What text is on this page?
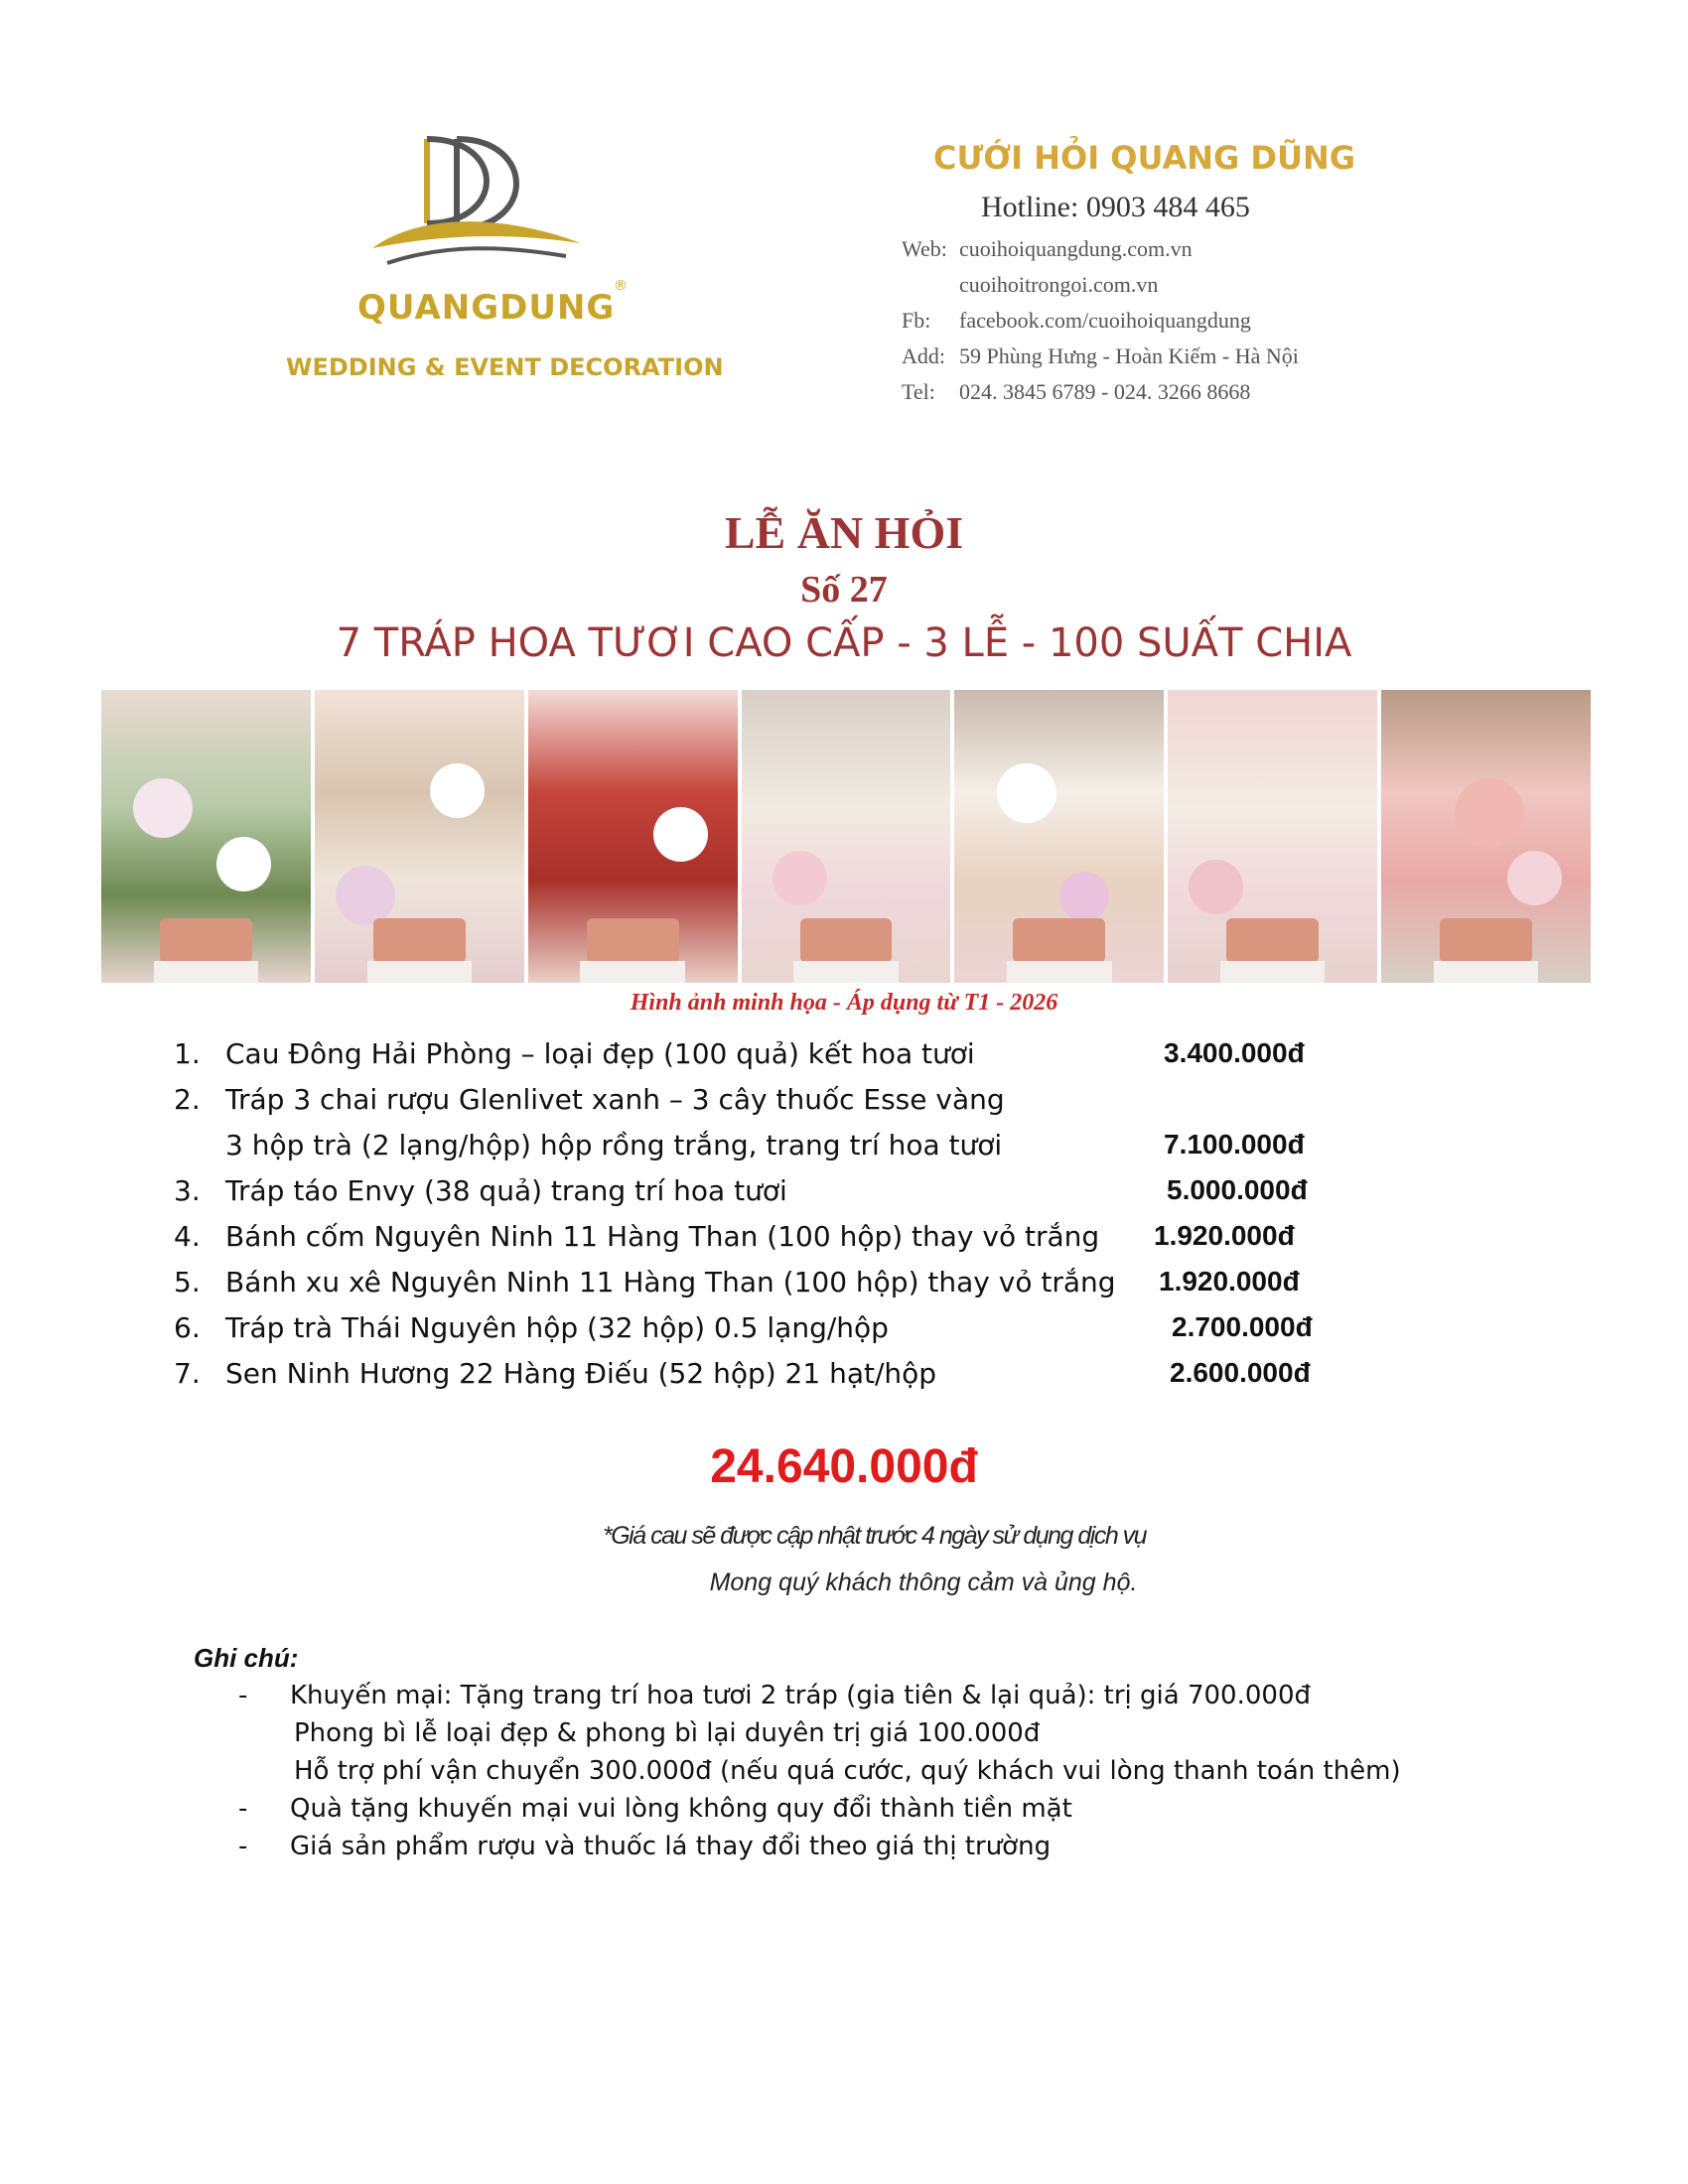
QUANGDUNG
®
WEDDING & EVENT DECORATION
CƯỚI HỎI QUANG DŨNG
Hotline: 0903 484 465
Web: cuoihoiquangdung.com.vn
cuoihoitrongoi.com.vn
Fb: facebook.com/cuoihoiquangdung
Add: 59 Phùng Hưng - Hoàn Kiếm - Hà Nội
Tel: 024. 3845 6789 - 024. 3266 8668
LỄ ĂN HỎI
Số 27
7 TRÁP HOA TƯƠI CAO CẤP - 3 LỄ - 100 SUẤT CHIA
Hình ảnh minh họa - Áp dụng từ T1 - 2026
1. Cau Đông Hải Phòng – loại đẹp (100 quả) kết hoa tươi	3.400.000đ
2. Tráp 3 chai rượu Glenlivet xanh – 3 cây thuốc Esse vàng
3 hộp trà (2 lạng/hộp) hộp rồng trắng, trang trí hoa tươi	7.100.000đ
3. Tráp táo Envy (38 quả) trang trí hoa tươi	5.000.000đ
4. Bánh cốm Nguyên Ninh 11 Hàng Than (100 hộp) thay vỏ trắng 1.920.000đ
5. Bánh xu xê Nguyên Ninh 11 Hàng Than (100 hộp) thay vỏ trắng 1.920.000đ
6. Tráp trà Thái Nguyên hộp (32 hộp) 0.5 lạng/hộp	2.700.000đ
7. Sen Ninh Hương 22 Hàng Điếu (52 hộp) 21 hạt/hộp	2.600.000đ
24.640.000đ
*Giá cau sẽ được cập nhật trước 4 ngày sử dụng dịch vụ
Mong quý khách thông cảm và ủng hộ.
Ghi chú:
- Khuyến mại: Tặng trang trí hoa tươi 2 tráp (gia tiên & lại quả): trị giá 700.000đ
Phong bì lễ loại đẹp & phong bì lại duyên trị giá 100.000đ
Hỗ trợ phí vận chuyển 300.000đ (nếu quá cước, quý khách vui lòng thanh toán thêm)
- Quà tặng khuyến mại vui lòng không quy đổi thành tiền mặt
- Giá sản phẩm rượu và thuốc lá thay đổi theo giá thị trường
